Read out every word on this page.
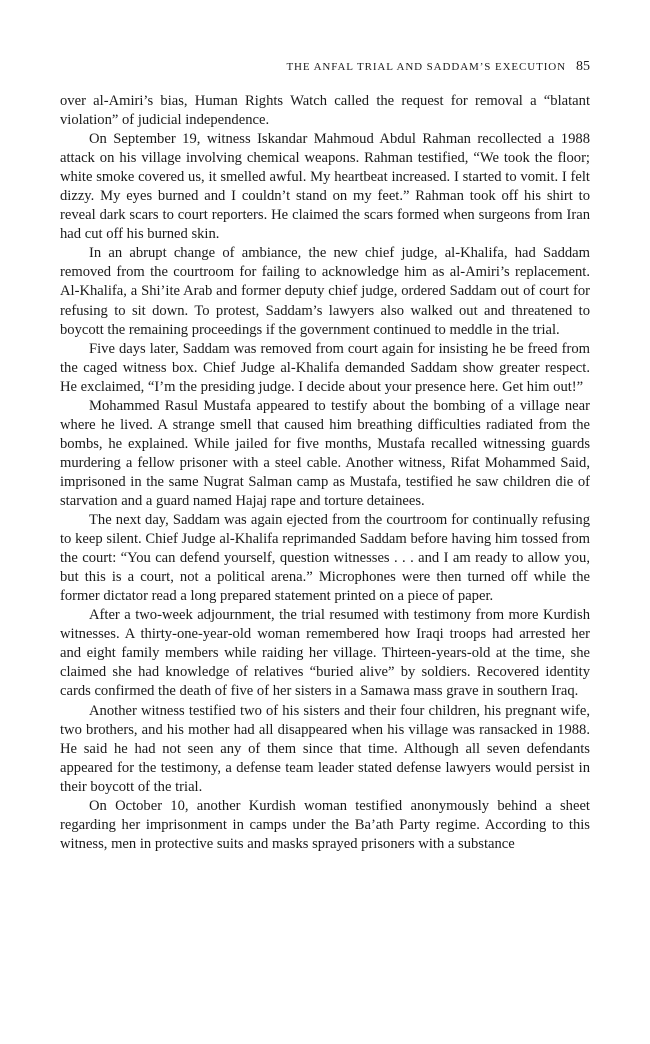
THE ANFAL TRIAL AND SADDAM’S EXECUTION 85

over al-Amiri’s bias, Human Rights Watch called the request for removal a “blatant violation” of judicial independence.

On September 19, witness Iskandar Mahmoud Abdul Rahman recollected a 1988 attack on his village involving chemical weapons. Rahman testified, “We took the floor; white smoke covered us, it smelled awful. My heartbeat increased. I started to vomit. I felt dizzy. My eyes burned and I couldn’t stand on my feet.” Rahman took off his shirt to reveal dark scars to court reporters. He claimed the scars formed when surgeons from Iran had cut off his burned skin.

In an abrupt change of ambiance, the new chief judge, al-Khalifa, had Saddam removed from the courtroom for failing to acknowledge him as al-Amiri’s replacement. Al-Khalifa, a Shi’ite Arab and former deputy chief judge, ordered Saddam out of court for refusing to sit down. To protest, Saddam’s lawyers also walked out and threatened to boycott the remaining proceedings if the government continued to meddle in the trial.

Five days later, Saddam was removed from court again for insisting he be freed from the caged witness box. Chief Judge al-Khalifa demanded Saddam show greater respect. He exclaimed, “I’m the presiding judge. I decide about your presence here. Get him out!”

Mohammed Rasul Mustafa appeared to testify about the bombing of a village near where he lived. A strange smell that caused him breathing difficulties radiated from the bombs, he explained. While jailed for five months, Mustafa recalled witnessing guards murdering a fellow prisoner with a steel cable. Another witness, Rifat Mohammed Said, imprisoned in the same Nugrat Salman camp as Mustafa, testified he saw children die of starvation and a guard named Hajaj rape and torture detainees.

The next day, Saddam was again ejected from the courtroom for continually refusing to keep silent. Chief Judge al-Khalifa reprimanded Saddam before having him tossed from the court: “You can defend yourself, question witnesses . . . and I am ready to allow you, but this is a court, not a political arena.” Microphones were then turned off while the former dictator read a long prepared statement printed on a piece of paper.

After a two-week adjournment, the trial resumed with testimony from more Kurdish witnesses. A thirty-one-year-old woman remembered how Iraqi troops had arrested her and eight family members while raiding her village. Thirteen-years-old at the time, she claimed she had knowledge of relatives “buried alive” by soldiers. Recovered identity cards confirmed the death of five of her sisters in a Samawa mass grave in southern Iraq.

Another witness testified two of his sisters and their four children, his pregnant wife, two brothers, and his mother had all disappeared when his village was ransacked in 1988. He said he had not seen any of them since that time. Although all seven defendants appeared for the testimony, a defense team leader stated defense lawyers would persist in their boycott of the trial.

On October 10, another Kurdish woman testified anonymously behind a sheet regarding her imprisonment in camps under the Ba’ath Party regime. According to this witness, men in protective suits and masks sprayed prisoners with a substance
